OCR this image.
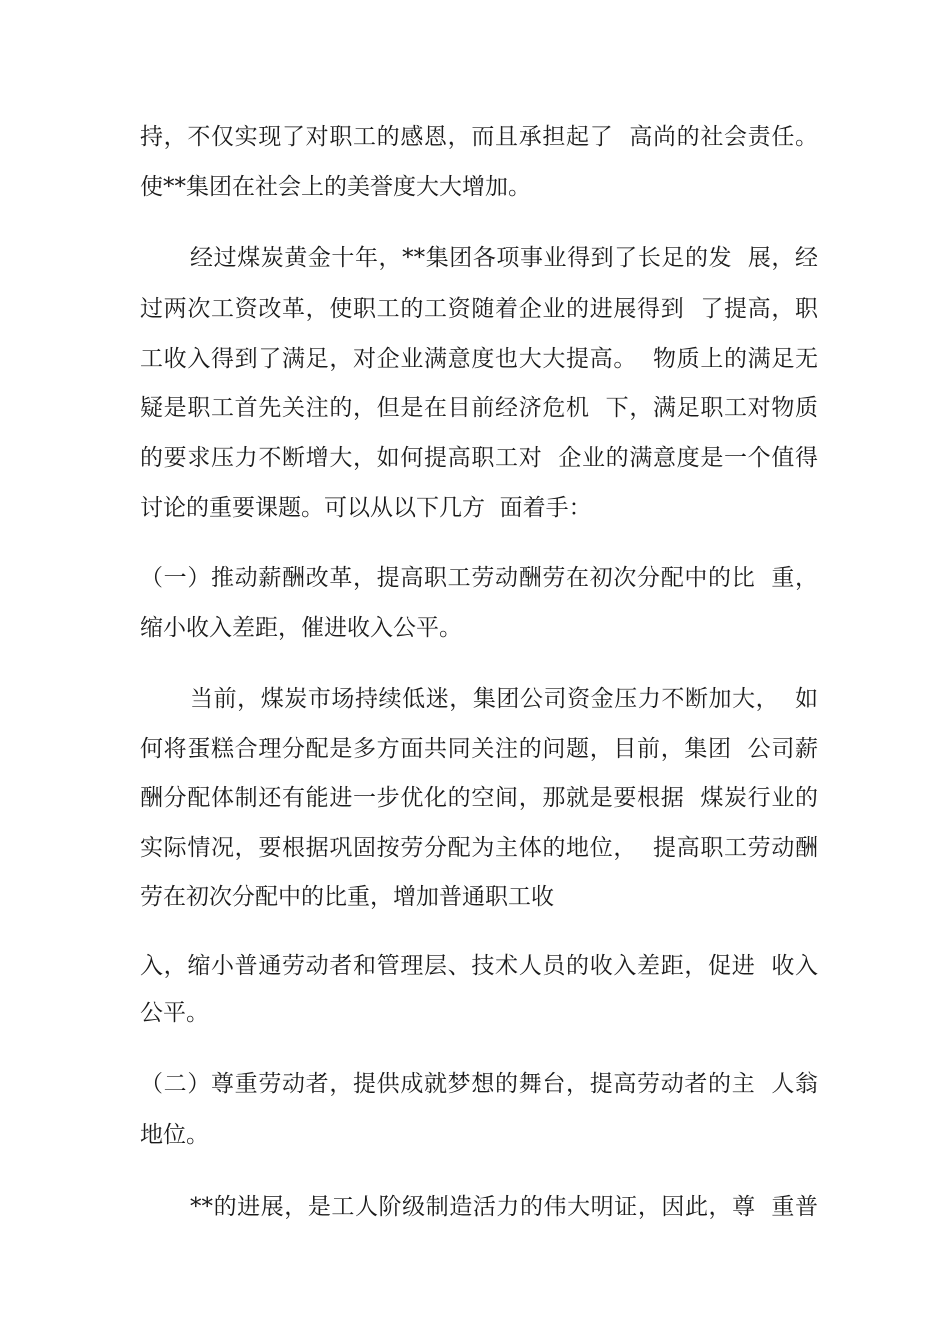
持，不仅实现了对职工的感恩，而且承担起了  高尚的社会责任。
使**集团在社会上的美誉度大大增加。
经过煤炭黄金十年，**集团各项事业得到了长足的发  展，经
过两次工资改革，使职工的工资随着企业的进展得到  了提高，职
工收入得到了满足，对企业满意度也大大提高。  物质上的满足无
疑是职工首先关注的，但是在目前经济危机  下，满足职工对物质
的要求压力不断增大，如何提高职工对  企业的满意度是一个值得
讨论的重要课题。可以从以下几方  面着手：
（一）推动薪酬改革，提高职工劳动酬劳在初次分配中的比  重，
缩小收入差距，催进收入公平。
当前，煤炭市场持续低迷，集团公司资金压力不断加大，  如
何将蛋糕合理分配是多方面共同关注的问题，目前，集团  公司薪
酬分配体制还有能进一步优化的空间，那就是要根据  煤炭行业的
实际情况，要根据巩固按劳分配为主体的地位，  提高职工劳动酬
劳在初次分配中的比重，增加普通职工收
入，缩小普通劳动者和管理层、技术人员的收入差距，促进  收入
公平。
（二）尊重劳动者，提供成就梦想的舞台，提高劳动者的主  人翁
地位。
**的进展，是工人阶级制造活力的伟大明证，因此，尊  重普
